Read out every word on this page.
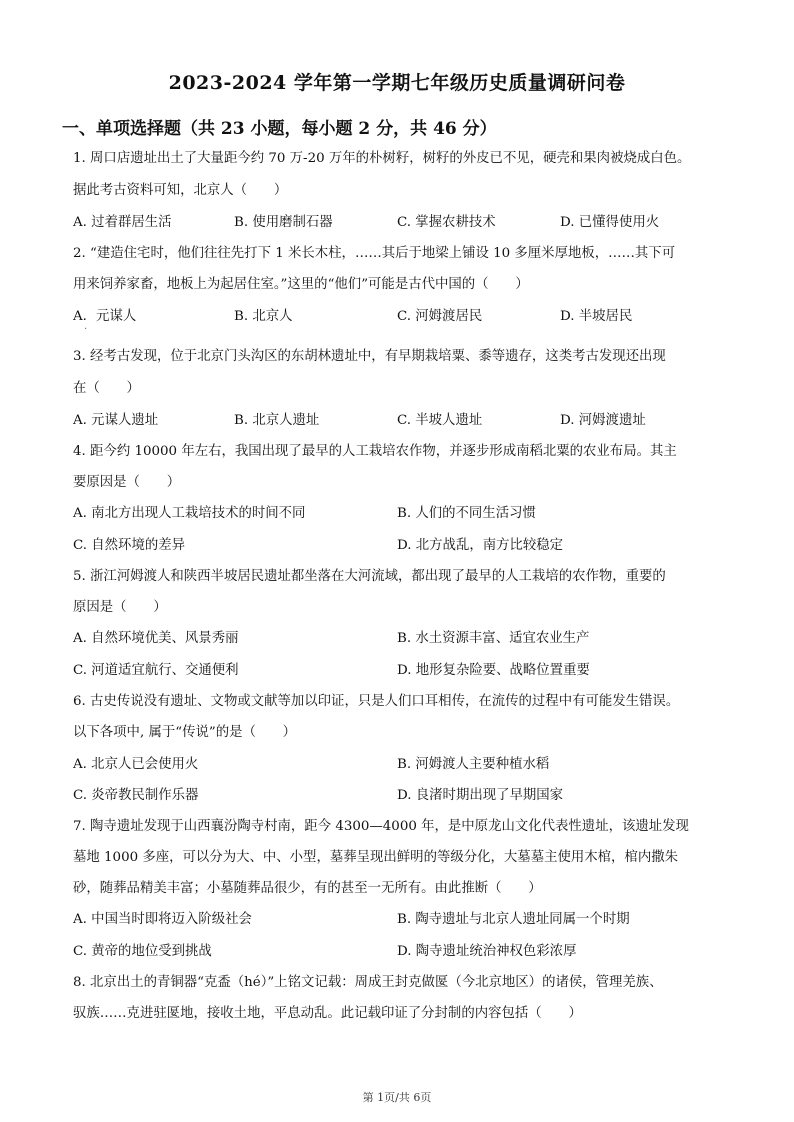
2023-2024 学年第一学期七年级历史质量调研问卷
一、单项选择题（共 23 小题，每小题 2 分，共 46 分）
1. 周口店遗址出土了大量距今约 70 万-20 万年的朴树籽，树籽的外皮已不见，硬壳和果肉被烧成白色。
据此考古资料可知，北京人（　　）
A. 过着群居生活	B. 使用磨制石器	C. 掌握农耕技术	D. 已懂得使用火
2. “建造住宅时，他们往往先打下 1 米长木柱，……其后于地梁上铺设 10 多厘米厚地板，……其下可
用来饲养家畜，地板上为起居住室。”这里的“他们”可能是古代中国的（　　）
A．元谋人	B. 北京人	C. 河姆渡居民	D. 半坡居民
·
3. 经考古发现，位于北京门头沟区的东胡林遗址中，有早期栽培粟、黍等遗存，这类考古发现还出现
在（　　）
A. 元谋人遗址	B. 北京人遗址	C. 半坡人遗址	D. 河姆渡遗址
4. 距今约 10000 年左右，我国出现了最早的人工栽培农作物，并逐步形成南稻北粟的农业布局。其主
要原因是（　　）
A. 南北方出现人工栽培技术的时间不同	B. 人们的不同生活习惯
C. 自然环境的差异	D. 北方战乱，南方比较稳定
5. 浙江河姆渡人和陕西半坡居民遗址都坐落在大河流域，都出现了最早的人工栽培的农作物，重要的
原因是（　　）
A. 自然环境优美、风景秀丽	B. 水土资源丰富、适宜农业生产
C. 河道适宜航行、交通便利	D. 地形复杂险要、战略位置重要
6. 古史传说没有遗址、文物或文献等加以印证，只是人们口耳相传，在流传的过程中有可能发生错误。
以下各项中, 属于“传说”的是（　　）
A. 北京人已会使用火	B. 河姆渡人主要种植水稻
C. 炎帝教民制作乐器	D. 良渚时期出现了早期国家
7. 陶寺遗址发现于山西襄汾陶寺村南，距今 4300—4000 年，是中原龙山文化代表性遗址，该遗址发现
墓地 1000 多座，可以分为大、中、小型，墓葬呈现出鲜明的等级分化，大墓墓主使用木棺，棺内撒朱
砂，随葬品精美丰富；小墓随葬品很少，有的甚至一无所有。由此推断（　　）
A. 中国当时即将迈入阶级社会	B. 陶寺遗址与北京人遗址同属一个时期
C. 黄帝的地位受到挑战	D. 陶寺遗址统治神权色彩浓厚
8. 北京出土的青铜器“克盉（hé）”上铭文记载：周成王封克做匽（今北京地区）的诸侯，管理羌族、
驭族……克进驻匽地，接收土地，平息动乱。此记载印证了分封制的内容包括（　　）
第 1页/共 6页
